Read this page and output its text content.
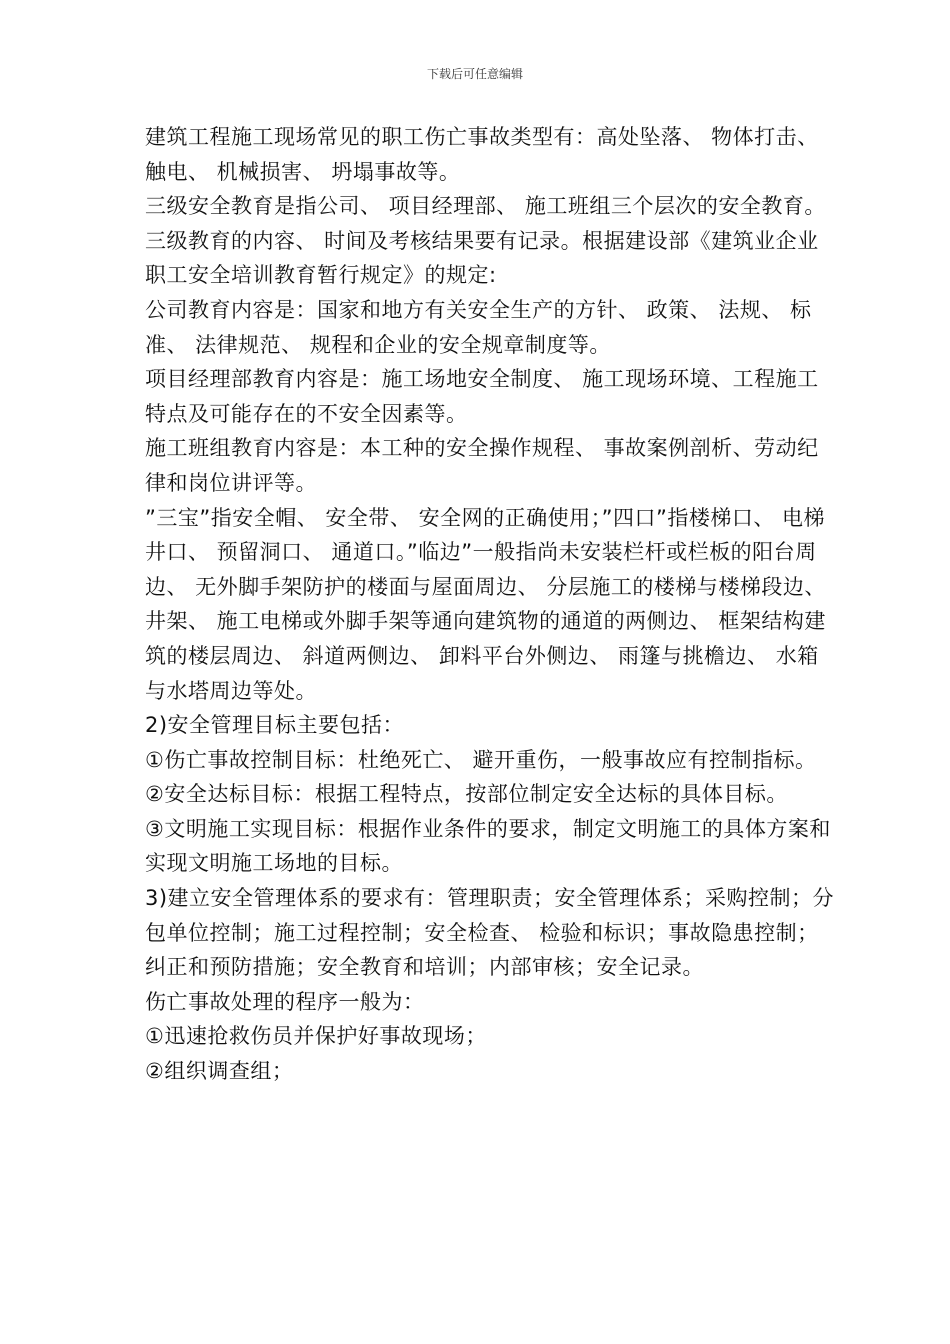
下载后可任意编辑

建筑工程施工现场常见的职工伤亡事故类型有：高处坠落、 物体打击、 触电、 机械损害、 坍塌事故等。

三级安全教育是指公司、 项目经理部、 施工班组三个层次的安全教育。三级教育的内容、 时间及考核结果要有记录。根据建设部《建筑业企业职工安全培训教育暂行规定》的规定:

公司教育内容是：国家和地方有关安全生产的方针、 政策、 法规、 标准、 法律规范、 规程和企业的安全规章制度等。

项目经理部教育内容是：施工场地安全制度、 施工现场环境、工程施工特点及可能存在的不安全因素等。

施工班组教育内容是：本工种的安全操作规程、 事故案例剖析、劳动纪律和岗位讲评等。

”三宝”指安全帽、 安全带、 安全网的正确使用；”四口”指楼梯口、 电梯井口、 预留洞口、 通道口。”临边”一般指尚未安装栏杆或栏板的阳台周边、 无外脚手架防护的楼面与屋面周边、 分层施工的楼梯与楼梯段边、 井架、 施工电梯或外脚手架等通向建筑物的通道的两侧边、 框架结构建筑的楼层周边、 斜道两侧边、 卸料平台外侧边、 雨篷与挑檐边、 水箱与水塔周边等处。

2)安全管理目标主要包括：

①伤亡事故控制目标：杜绝死亡、 避开重伤，一般事故应有控制指标。

②安全达标目标：根据工程特点，按部位制定安全达标的具体目标。

③文明施工实现目标：根据作业条件的要求，制定文明施工的具体方案和实现文明施工场地的目标。

3)建立安全管理体系的要求有：管理职责；安全管理体系；采购控制；分包单位控制；施工过程控制；安全检查、 检验和标识；事故隐患控制；纠正和预防措施；安全教育和培训；内部审核；安全记录。

伤亡事故处理的程序一般为：

①迅速抢救伤员并保护好事故现场；

②组织调查组；
